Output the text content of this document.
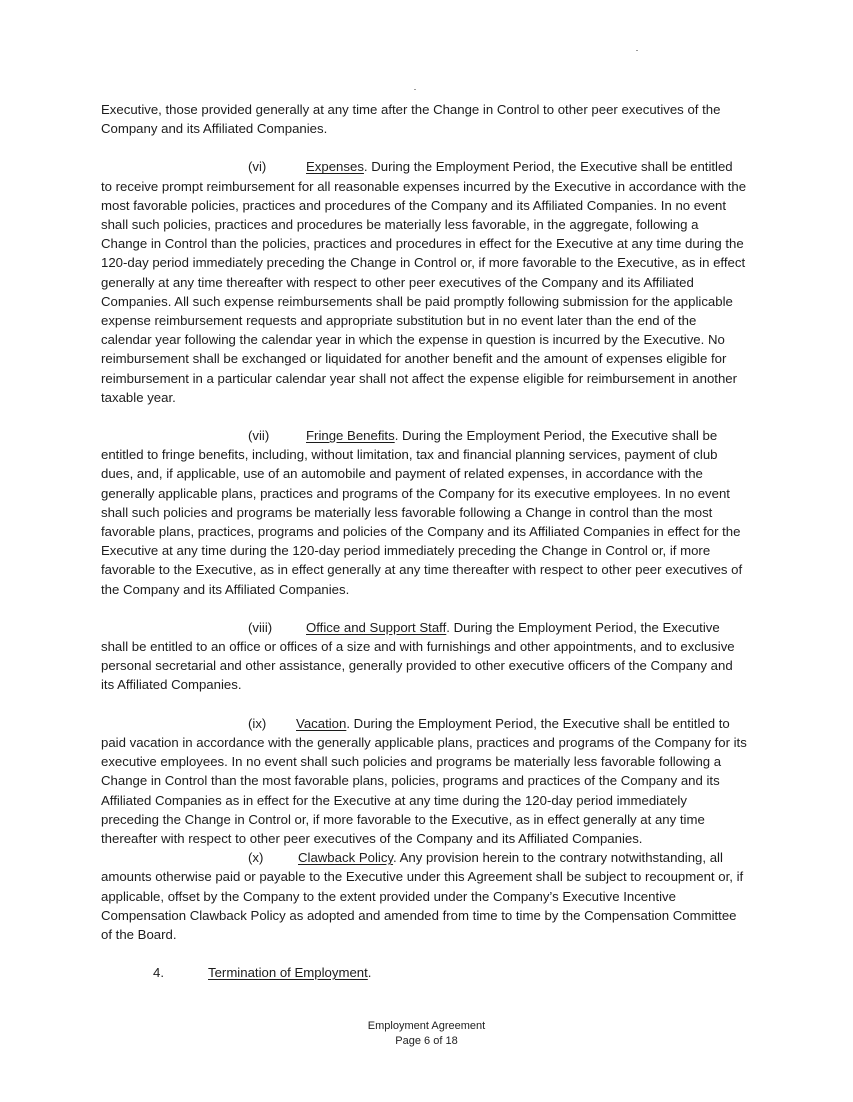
Executive, those provided generally at any time after the Change in Control to other peer executives of the Company and its Affiliated Companies.

(vi)	Expenses. During the Employment Period, the Executive shall be entitled to receive prompt reimbursement for all reasonable expenses incurred by the Executive in accordance with the most favorable policies, practices and procedures of the Company and its Affiliated Companies. In no event shall such policies, practices and procedures be materially less favorable, in the aggregate, following a Change in Control than the policies, practices and procedures in effect for the Executive at any time during the 120-day period immediately preceding the Change in Control or, if more favorable to the Executive, as in effect generally at any time thereafter with respect to other peer executives of the Company and its Affiliated Companies. All such expense reimbursements shall be paid promptly following submission for the applicable expense reimbursement requests and appropriate substitution but in no event later than the end of the calendar year following the calendar year in which the expense in question is incurred by the Executive. No reimbursement shall be exchanged or liquidated for another benefit and the amount of expenses eligible for reimbursement in a particular calendar year shall not affect the expense eligible for reimbursement in another taxable year.

(vii)	Fringe Benefits. During the Employment Period, the Executive shall be entitled to fringe benefits, including, without limitation, tax and financial planning services, payment of club dues, and, if applicable, use of an automobile and payment of related expenses, in accordance with the generally applicable plans, practices and programs of the Company for its executive employees. In no event shall such policies and programs be materially less favorable following a Change in control than the most favorable plans, practices, programs and policies of the Company and its Affiliated Companies in effect for the Executive at any time during the 120-day period immediately preceding the Change in Control or, if more favorable to the Executive, as in effect generally at any time thereafter with respect to other peer executives of the Company and its Affiliated Companies.

(viii)	Office and Support Staff. During the Employment Period, the Executive shall be entitled to an office or offices of a size and with furnishings and other appointments, and to exclusive personal secretarial and other assistance, generally provided to other executive officers of the Company and its Affiliated Companies.

(ix) Vacation. During the Employment Period, the Executive shall be entitled to paid vacation in accordance with the generally applicable plans, practices and programs of the Company for its executive employees. In no event shall such policies and programs be materially less favorable following a Change in Control than the most favorable plans, policies, programs and practices of the Company and its Affiliated Companies as in effect for the Executive at any time during the 120-day period immediately preceding the Change in Control or, if more favorable to the Executive, as in effect generally at any time thereafter with respect to other peer executives of the Company and its Affiliated Companies.

(x)	Clawback Policy. Any provision herein to the contrary notwithstanding, all amounts otherwise paid or payable to the Executive under this Agreement shall be subject to recoupment or, if applicable, offset by the Company to the extent provided under the Company’s Executive Incentive Compensation Clawback Policy as adopted and amended from time to time by the Compensation Committee of the Board.

4.	Termination of Employment.

Employment Agreement
Page 6 of 18
